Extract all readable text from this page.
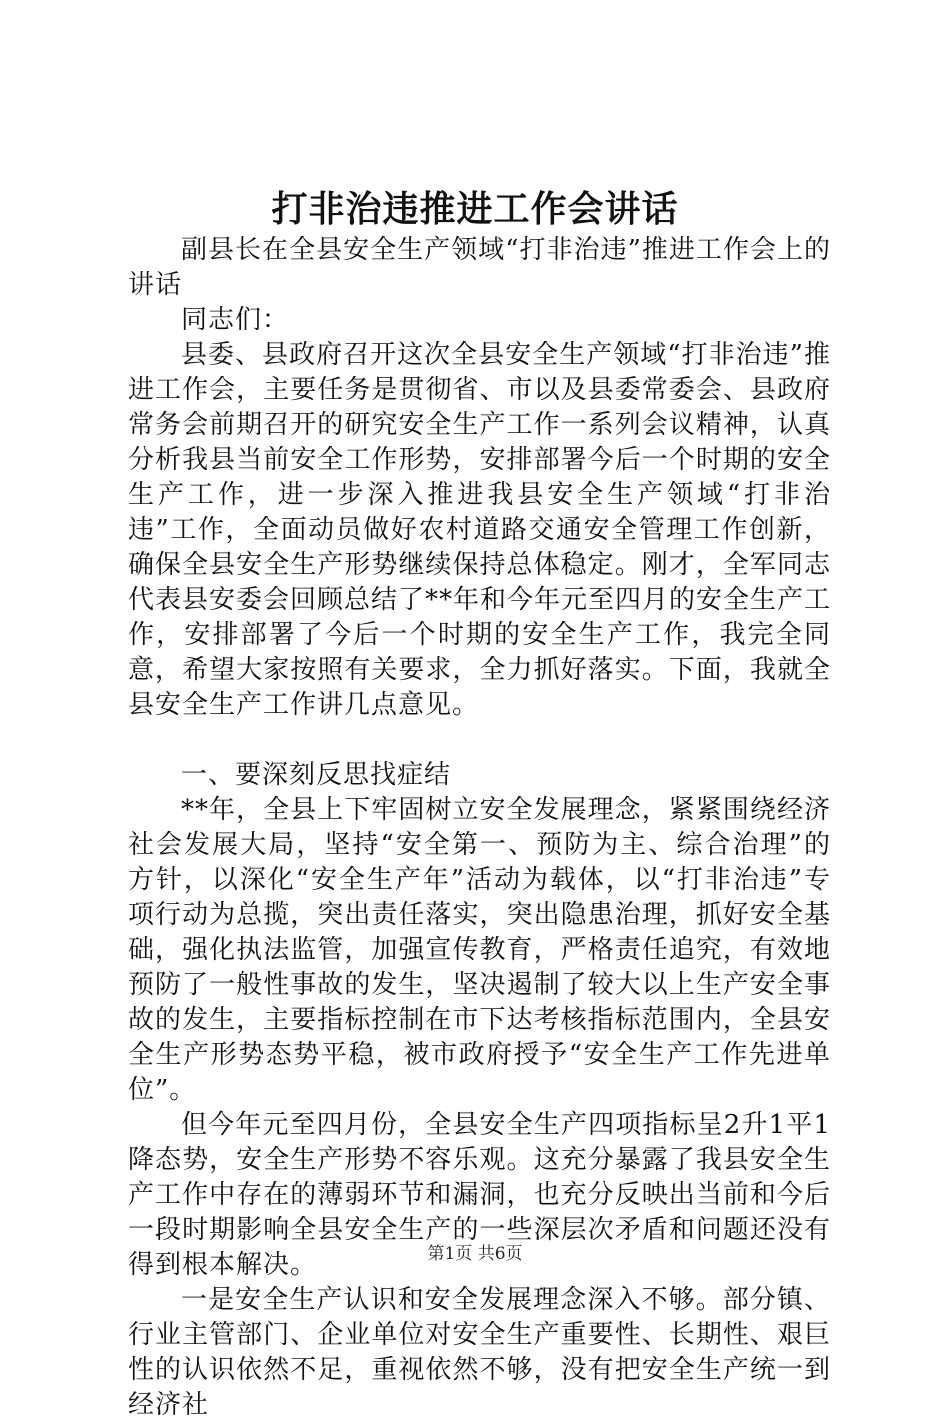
打非治违推进工作会讲话

副县长在全县安全生产领域“打非治违”推进工作会上的讲话

同志们：

县委、县政府召开这次全县安全生产领域“打非治违”推进工作会，主要任务是贯彻省、市以及县委常委会、县政府常务会前期召开的研究安全生产工作一系列会议精神，认真分析我县当前安全工作形势，安排部署今后一个时期的安全生产工作，进一步深入推进我县安全生产领域“打非治违”工作，全面动员做好农村道路交通安全管理工作创新，确保全县安全生产形势继续保持总体稳定。刚才，全军同志代表县安委会回顾总结了**年和今年元至四月的安全生产工作，安排部署了今后一个时期的安全生产工作，我完全同意，希望大家按照有关要求，全力抓好落实。下面，我就全县安全生产工作讲几点意见。

一、要深刻反思找症结

**年，全县上下牢固树立安全发展理念，紧紧围绕经济社会发展大局，坚持“安全第一、预防为主、综合治理”的方针，以深化“安全生产年”活动为载体，以“打非治违”专项行动为总揽，突出责任落实，突出隐患治理，抓好安全基础，强化执法监管，加强宣传教育，严格责任追究，有效地预防了一般性事故的发生，坚决遏制了较大以上生产安全事故的发生，主要指标控制在市下达考核指标范围内，全县安全生产形势态势平稳，被市政府授予“安全生产工作先进单位”。

但今年元至四月份，全县安全生产四项指标呈2升1平1降态势，安全生产形势不容乐观。这充分暴露了我县安全生产工作中存在的薄弱环节和漏洞，也充分反映出当前和今后一段时期影响全县安全生产的一些深层次矛盾和问题还没有得到根本解决。

一是安全生产认识和安全发展理念深入不够。部分镇、行业主管部门、企业单位对安全生产重要性、长期性、艰巨性的认识依然不足，重视依然不够，没有把安全生产统一到经济社

第1页 共6页
